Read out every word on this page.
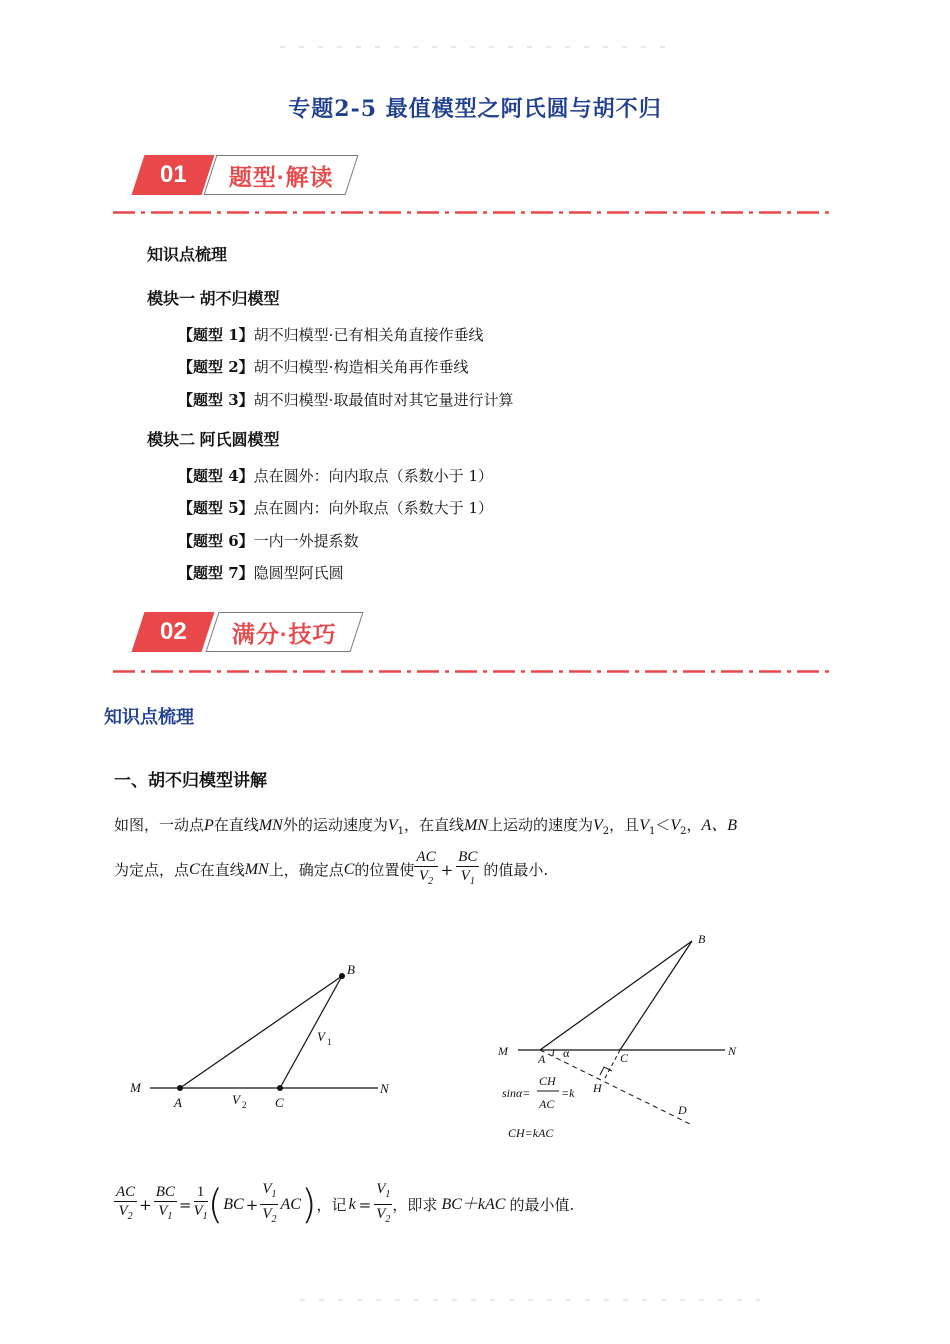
专题2-5 最值模型之阿氏圆与胡不归
01 题型·解读
知识点梳理
模块一 胡不归模型
【题型 1】胡不归模型·已有相关角直接作垂线
【题型 2】胡不归模型·构造相关角再作垂线
【题型 3】胡不归模型·取最值时对其它量进行计算
模块二 阿氏圆模型
【题型 4】点在圆外：向内取点（系数小于 1）
【题型 5】点在圆内：向外取点（系数大于 1）
【题型 6】一内一外提系数
【题型 7】隐圆型阿氏圆
02 满分·技巧
知识点梳理
一、胡不归模型讲解
如图，一动点P在直线MN外的运动速度为$V_1$，在直线MN上运动的速度为$V_2$，且$V_1<V_2$，A、B
为定点，点 C 在直线 MN 上，确定点 C 的位置使 $\frac{AC}{V_2} + \frac{BC}{V_1}$ 的值最小.
B
M
A	C
N
V 1
V 2
B
M
A α	C	N
H
D
sinα=
CH
AC
=k
CH=kAC
$\frac{AC}{V_2} + \frac{BC}{V_1} = \frac{1}{V_1}$ ( BC + $\frac{V_1}{V_2}$ AC ) ，记 $k = \frac{V_1}{V_2}$ ，即求 BC＋kAC 的最小值.
